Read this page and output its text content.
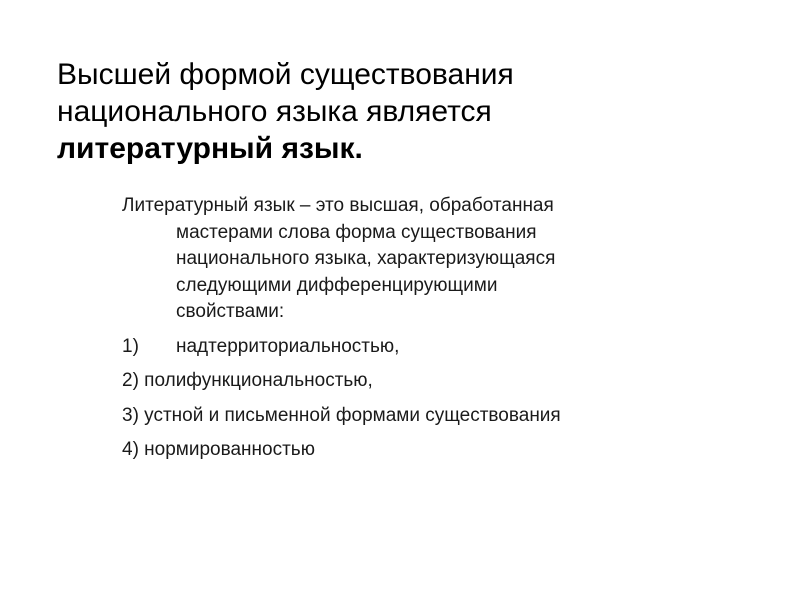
Высшей формой существования
национального языка является
литературный язык.

Литературный язык – это высшая, обработанная
мастерами слова форма существования
национального языка, характеризующаяся
следующими дифференцирующими
свойствами:

1) надтерриториальностью,
2) полифункциональностью,
3) устной и письменной формами существования
4) нормированностью
